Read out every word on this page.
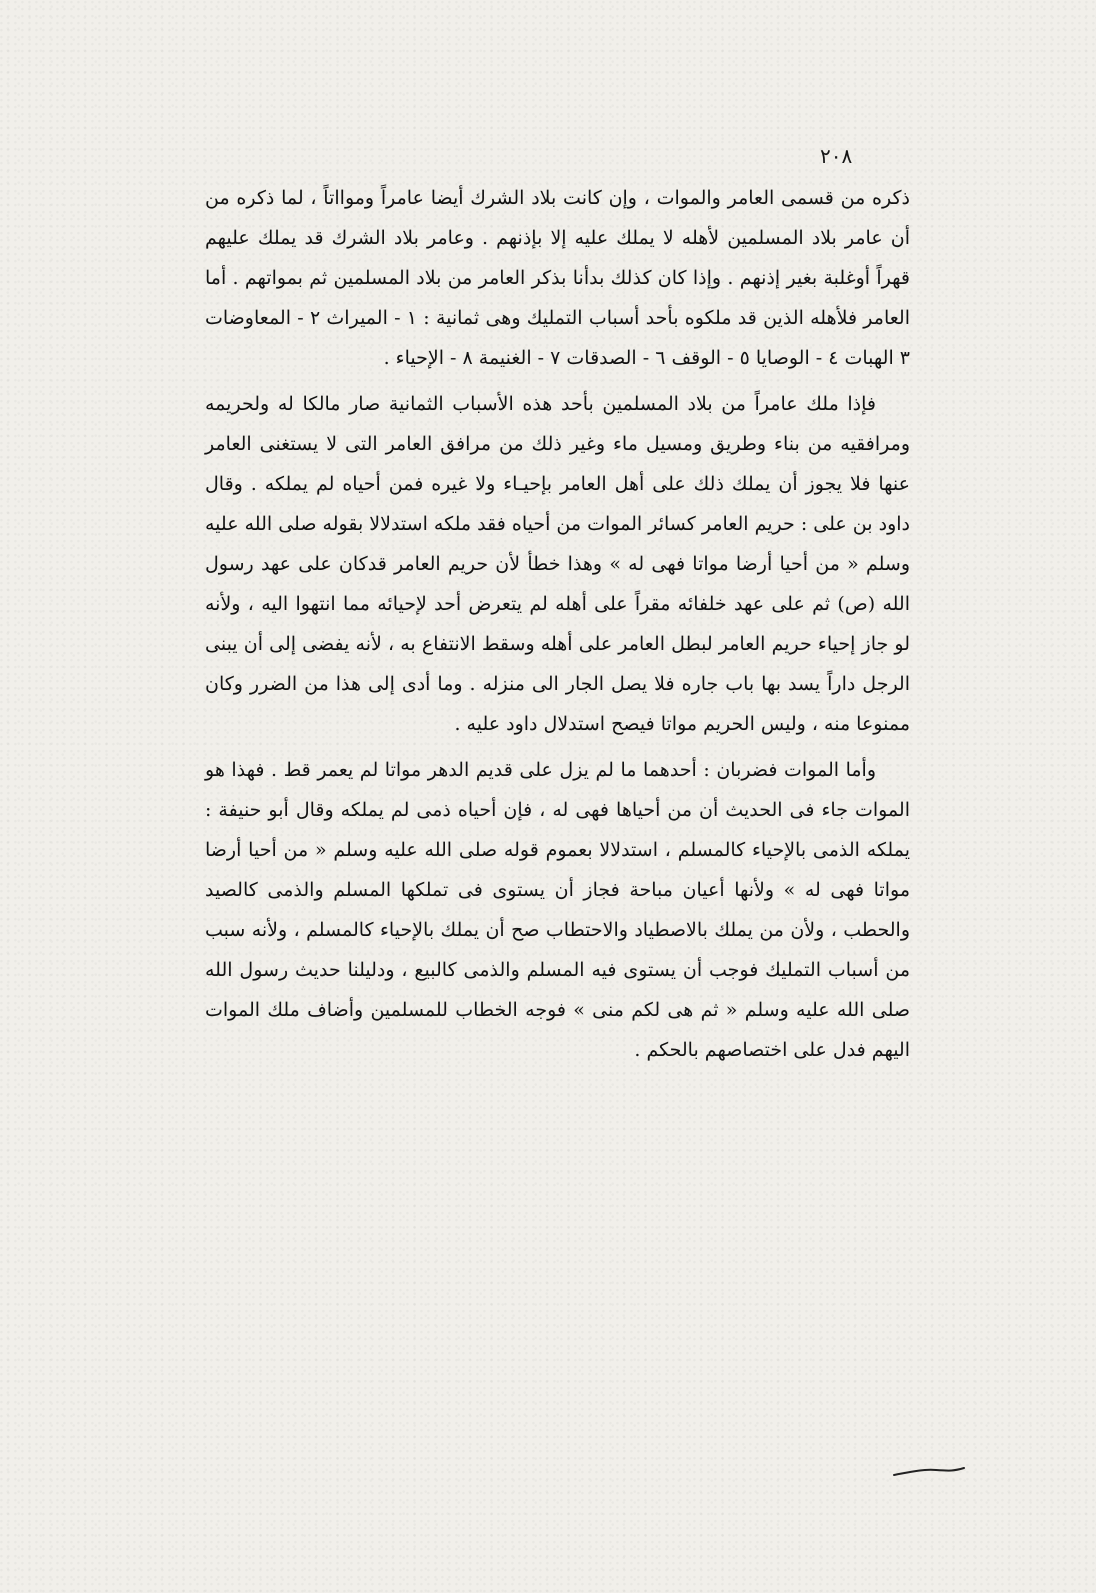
٢٠٨

ذكره من قسمى العامر والموات ، وإن كانت بلاد الشرك أيضا عامراً وموااتاً ، لما ذكره من أن عامر بلاد المسلمين لأهله لا يملك عليه إلا بإذنهم . وعامر بلاد الشرك قد يملك عليهم قهراً أوغلبة بغير إذنهم . وإذا كان كذلك بدأنا بذكر العامر من بلاد المسلمين ثم بمواتهم . أما العامر فلأهله الذين قد ملكوه بأحد أسباب التمليك وهى ثمانية : ١ - الميراث ٢ - المعاوضات ٣ الهبات ٤ - الوصايا ٥ - الوقف ٦ - الصدقات ٧ - الغنيمة ٨ - الإحياء .

فإذا ملك عامراً من بلاد المسلمين بأحد هذه الأسباب الثمانية صار مالكا له ولحريمه ومرافقيه من بناء وطريق ومسيل ماء وغير ذلك من مرافق العامر التى لا يستغنى العامر عنها فلا يجوز أن يملك ذلك على أهل العامر بإحيـاء ولا غيره فمن أحياه لم يملكه . وقال داود بن على : حريم العامر كسائر الموات من أحياه فقد ملكه استدلالا بقوله صلى الله عليه وسلم « من أحيا أرضا مواتا فهى له » وهذا خطأ لأن حريم العامر قدكان على عهد رسول الله (ص) ثم على عهد خلفائه مقراً على أهله لم يتعرض أحد لإحيائه مما انتهوا اليه ، ولأنه لو جاز إحياء حريم العامر لبطل العامر على أهله وسقط الانتفاع به ، لأنه يفضى إلى أن يبنى الرجل داراً يسد بها باب جاره فلا يصل الجار الى منزله . وما أدى إلى هذا من الضرر وكان ممنوعا منه ، وليس الحريم مواتا فيصح استدلال داود عليه .

وأما الموات فضربان : أحدهما ما لم يزل على قديم الدهر مواتا لم يعمر قط . فهذا هو الموات جاء فى الحديث أن من أحياها فهى له ، فإن أحياه ذمى لم يملكه وقال أبو حنيفة : يملكه الذمى بالإحياء كالمسلم ، استدلالا بعموم قوله صلى الله عليه وسلم « من أحيا أرضا مواتا فهى له » ولأنها أعيان مباحة فجاز أن يستوى فى تملكها المسلم والذمى كالصيد والحطب ، ولأن من يملك بالاصطياد والاحتطاب صح أن يملك بالإحياء كالمسلم ، ولأنه سبب من أسباب التمليك فوجب أن يستوى فيه المسلم والذمى كالبيع ، ودليلنا حديث رسول الله صلى الله عليه وسلم « ثم هى لكم منى » فوجه الخطاب للمسلمين وأضاف ملك الموات اليهم فدل على اختصاصهم بالحكم .
